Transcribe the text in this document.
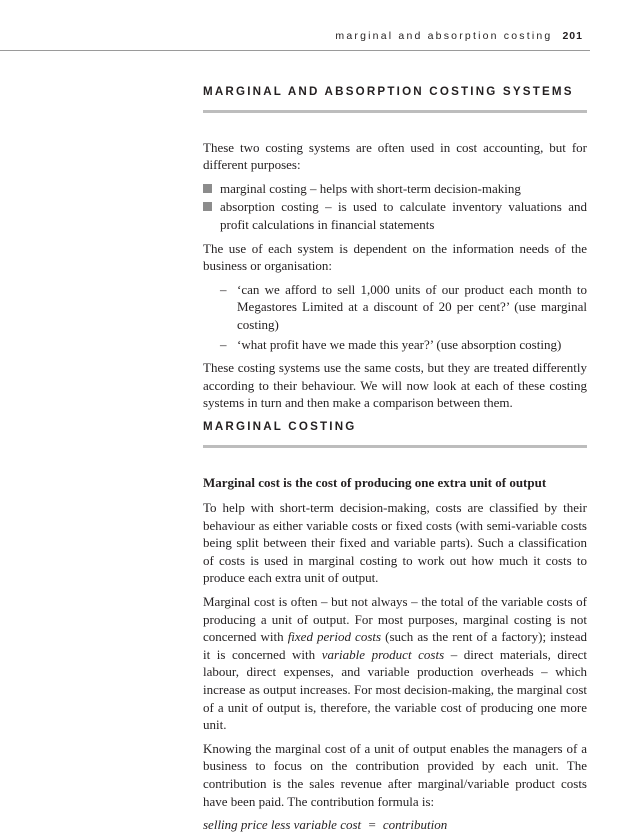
marginal and absorption costing 201
MARGINAL AND ABSORPTION COSTING SYSTEMS

These two costing systems are often used in cost accounting, but for different purposes:

marginal costing – helps with short-term decision-making
absorption costing – is used to calculate inventory valuations and profit calculations in financial statements

The use of each system is dependent on the information needs of the business or organisation:

– ‘can we afford to sell 1,000 units of our product each month to Megastores Limited at a discount of 20 per cent?’ (use marginal costing)
– ‘what profit have we made this year?’ (use absorption costing)

These costing systems use the same costs, but they are treated differently according to their behaviour. We will now look at each of these costing systems in turn and then make a comparison between them.

MARGINAL COSTING

Marginal cost is the cost of producing one extra unit of output

To help with short-term decision-making, costs are classified by their behaviour as either variable costs or fixed costs (with semi-variable costs being split between their fixed and variable parts). Such a classification of costs is used in marginal costing to work out how much it costs to produce each extra unit of output.

Marginal cost is often – but not always – the total of the variable costs of producing a unit of output. For most purposes, marginal costing is not concerned with fixed period costs (such as the rent of a factory); instead it is concerned with variable product costs – direct materials, direct labour, direct expenses, and variable production overheads – which increase as output increases. For most decision-making, the marginal cost of a unit of output is, therefore, the variable cost of producing one more unit.

Knowing the marginal cost of a unit of output enables the managers of a business to focus on the contribution provided by each unit. The contribution is the sales revenue after marginal/variable product costs have been paid. The contribution formula is:

selling price less variable cost  =  contribution
